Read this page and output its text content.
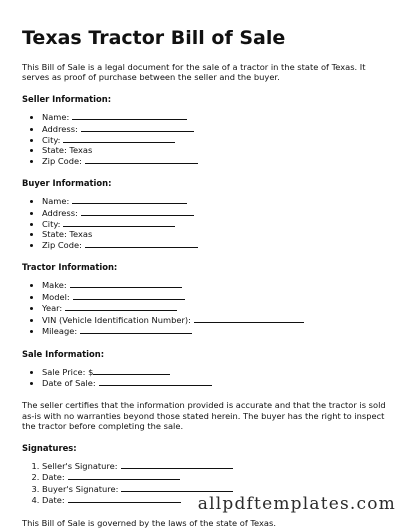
Texas Tractor Bill of Sale

This Bill of Sale is a legal document for the sale of a tractor in the state of Texas. It serves as proof of purchase between the seller and the buyer.

Seller Information:
• Name:
• Address:
• City:
• State: Texas
• Zip Code:
Buyer Information:
• Name:
• Address:
• City:
• State: Texas
• Zip Code:
Tractor Information:
• Make:
• Model:
• Year:
• VIN (Vehicle Identification Number):
• Mileage:
Sale Information:
• Sale Price: $
• Date of Sale:

The seller certifies that the information provided is accurate and that the tractor is sold as-is with no warranties beyond those stated herein. The buyer has the right to inspect the tractor before completing the sale.

Signatures:
1. Seller's Signature:
2. Date:
3. Buyer's Signature:
4. Date:

This Bill of Sale is governed by the laws of the state of Texas.

allpdftemplates.com
